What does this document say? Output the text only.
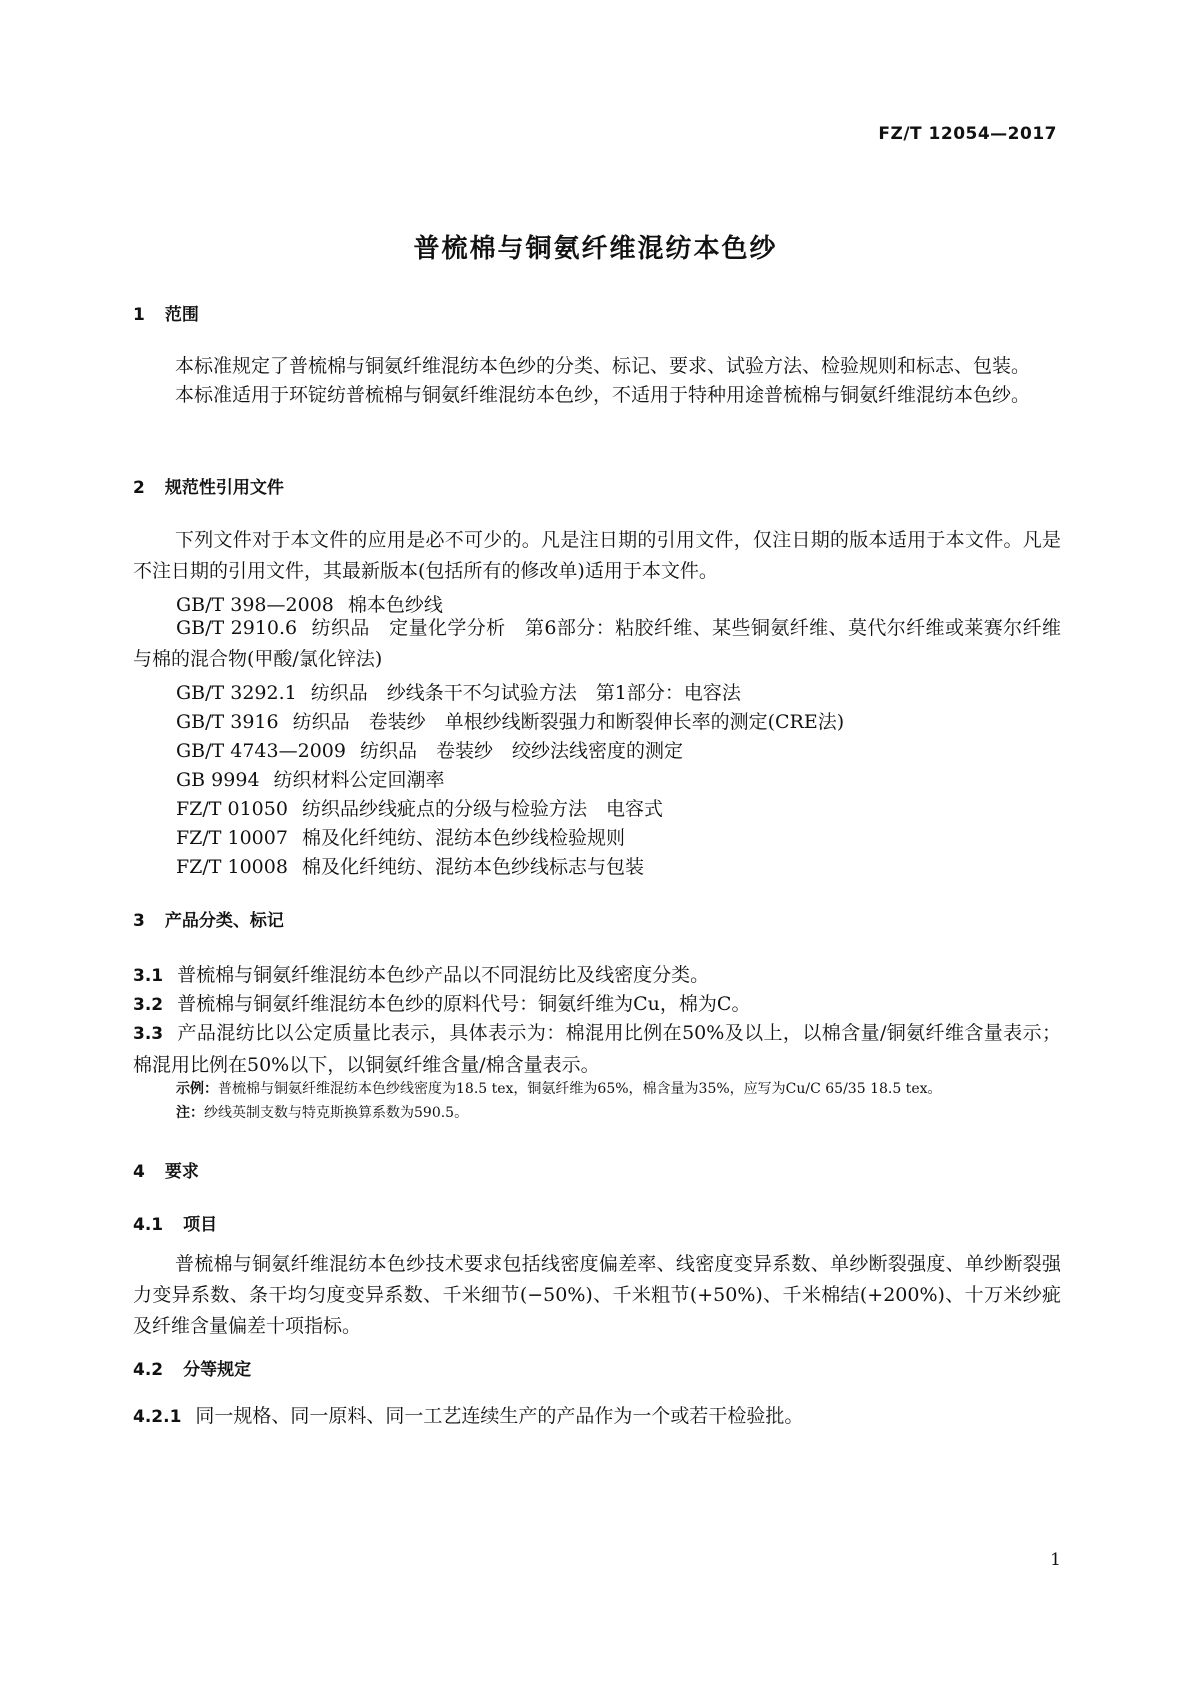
FZ/T 12054—2017
普梳棉与铜氨纤维混纺本色纱
1 范围
本标准规定了普梳棉与铜氨纤维混纺本色纱的分类、标记、要求、试验方法、检验规则和标志、包装。
本标准适用于环锭纺普梳棉与铜氨纤维混纺本色纱，不适用于特种用途普梳棉与铜氨纤维混纺本色纱。
2 规范性引用文件
下列文件对于本文件的应用是必不可少的。凡是注日期的引用文件，仅注日期的版本适用于本文件。凡是不注日期的引用文件，其最新版本(包括所有的修改单)适用于本文件。
GB/T 398—2008 棉本色纱线
GB/T 2910.6 纺织品　定量化学分析　第6部分：粘胶纤维、某些铜氨纤维、莫代尔纤维或莱赛尔纤维与棉的混合物(甲酸/氯化锌法)
GB/T 3292.1 纺织品　纱线条干不匀试验方法　第1部分：电容法
GB/T 3916 纺织品　卷装纱　单根纱线断裂强力和断裂伸长率的测定(CRE法)
GB/T 4743—2009 纺织品　卷装纱　绞纱法线密度的测定
GB 9994 纺织材料公定回潮率
FZ/T 01050 纺织品纱线疵点的分级与检验方法　电容式
FZ/T 10007 棉及化纤纯纺、混纺本色纱线检验规则
FZ/T 10008 棉及化纤纯纺、混纺本色纱线标志与包装
3 产品分类、标记
3.1 普梳棉与铜氨纤维混纺本色纱产品以不同混纺比及线密度分类。
3.2 普梳棉与铜氨纤维混纺本色纱的原料代号：铜氨纤维为Cu，棉为C。
3.3 产品混纺比以公定质量比表示，具体表示为：棉混用比例在50%及以上，以棉含量/铜氨纤维含量表示；棉混用比例在50%以下，以铜氨纤维含量/棉含量表示。
示例：普梳棉与铜氨纤维混纺本色纱线密度为18.5 tex，铜氨纤维为65%，棉含量为35%，应写为Cu/C 65/35 18.5 tex。
注：纱线英制支数与特克斯换算系数为590.5。
4 要求
4.1 项目
普梳棉与铜氨纤维混纺本色纱技术要求包括线密度偏差率、线密度变异系数、单纱断裂强度、单纱断裂强力变异系数、条干均匀度变异系数、千米细节(−50%)、千米粗节(+50%)、千米棉结(+200%)、十万米纱疵及纤维含量偏差十项指标。
4.2 分等规定
4.2.1 同一规格、同一原料、同一工艺连续生产的产品作为一个或若干检验批。
1
